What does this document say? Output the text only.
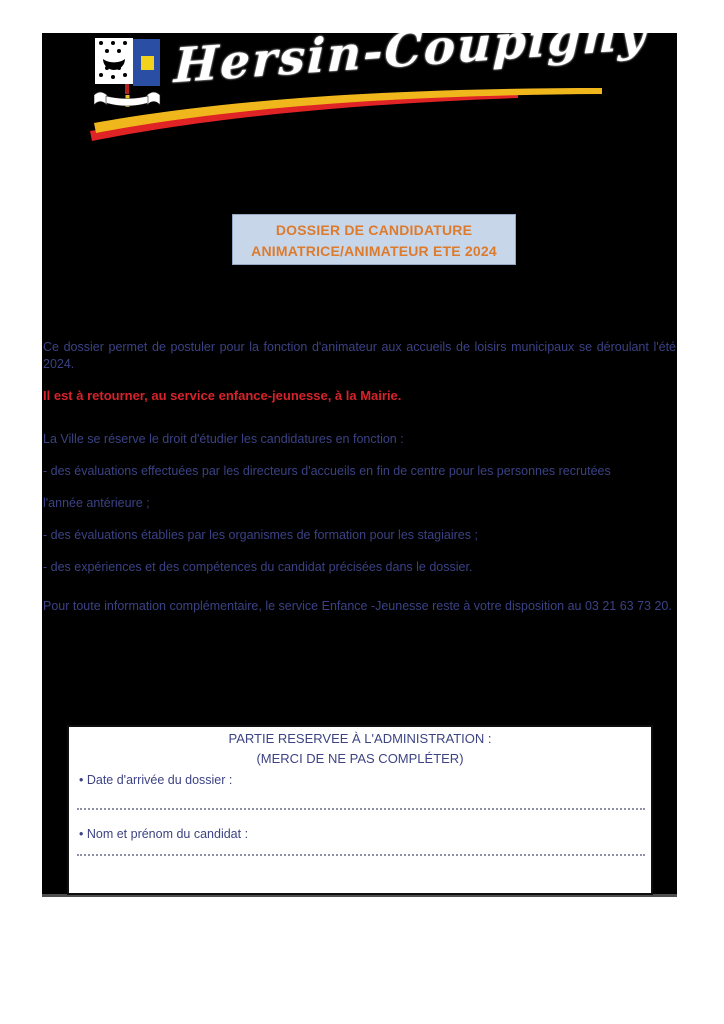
Hersin-Coupigny
DOSSIER DE CANDIDATURE
ANIMATRICE/ANIMATEUR ETE 2024

Ce dossier permet de postuler pour la fonction d'animateur aux accueils de loisirs municipaux se déroulant l'été 2024.

Il est à retourner, au service enfance-jeunesse, à la Mairie.

La Ville se réserve le droit d'étudier les candidatures en fonction :

- des évaluations effectuées par les directeurs d'accueils en fin de centre pour les personnes recrutées

l'année antérieure ;

- des évaluations établies par les organismes de formation pour les stagiaires ;

- des expériences et des compétences du candidat précisées dans le dossier.

Pour toute information complémentaire, le service Enfance -Jeunesse reste à votre disposition au 03 21 63 73 20.

PARTIE RESERVEE À L'ADMINISTRATION :
(MERCI DE NE PAS COMPLÉTER)
• Date d'arrivée du dossier :
• Nom et prénom du candidat :
